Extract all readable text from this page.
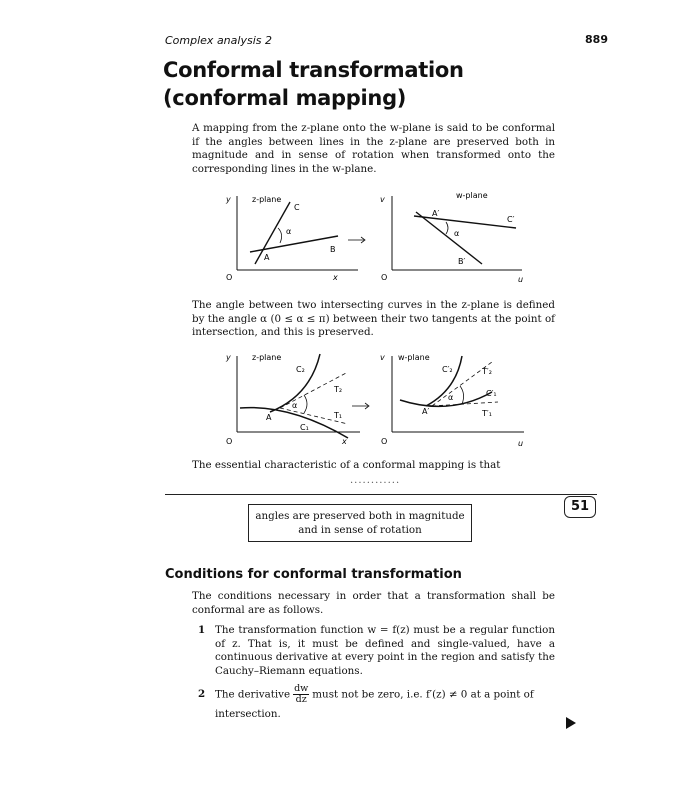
Complex analysis 2	889
Conformal transformation
(conformal mapping)
A mapping from the z-plane onto the w-plane is said to be conformal if the angles between lines in the z-plane are preserved both in magnitude and in sense of rotation when transformed onto the corresponding lines in the w-plane.
y
O	x
z-plane
α
A
B
C
v
O	u
w-plane
α
A′
B′
C′
The angle between two intersecting curves in the z-plane is defined by the angle α (0 ≤ α ≤ π) between their two tangents at the point of intersection, and this is preserved.
y
O	x
z-plane
α
A
C₂
C₁
T₂
T₁
v
O	u
w-plane
α
A′
C′₂	T′₂
C′₁
T′₁
The essential characteristic of a conformal mapping is that
............
51
angles are preserved both in magnitude
and in sense of rotation
Conditions for conformal transformation
The conditions necessary in order that a transformation shall be conformal are as follows.
1 The transformation function w = f(z) must be a regular function of z. That is, it must be defined and single-valued, have a continuous derivative at every point in the region and satisfy the Cauchy–Riemann equations.
2 The derivative $\frac{dw}{dz}$ must not be zero, i.e. f′(z) ≠ 0 at a point of
intersection.
